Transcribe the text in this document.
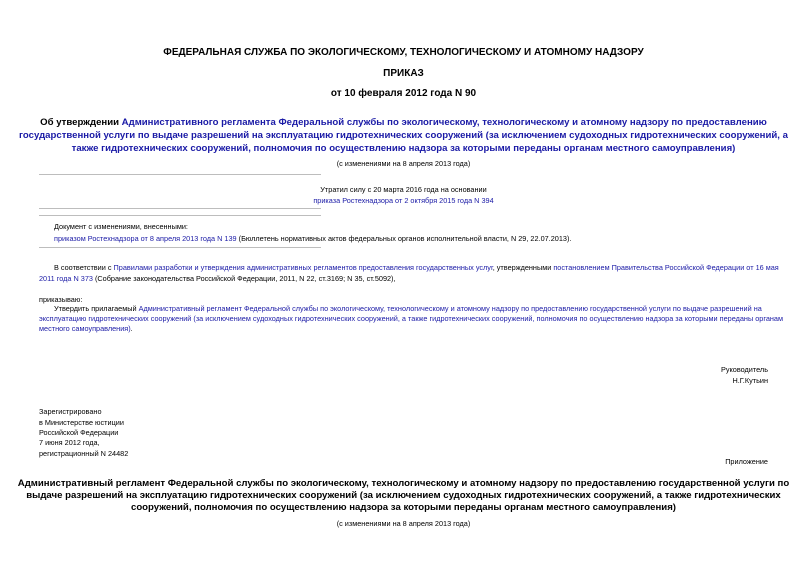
ФЕДЕРАЛЬНАЯ СЛУЖБА ПО ЭКОЛОГИЧЕСКОМУ, ТЕХНОЛОГИЧЕСКОМУ И АТОМНОМУ НАДЗОРУ
ПРИКАЗ
от 10 февраля 2012 года N 90
Об утверждении Административного регламента Федеральной службы по экологическому, технологическому и атомному надзору по предоставлению
государственной услуги по выдаче разрешений на эксплуатацию гидротехнических сооружений (за исключением судоходных гидротехнических сооружений, а
также гидротехнических сооружений, полномочия по осуществлению надзора за которыми переданы органам местного самоуправления)
(с изменениями на 8 апреля 2013 года)
Утратил силу с 20 марта 2016 года на основании
приказа Ростехнадзора от 2 октября 2015 года N 394
Документ с изменениями, внесенными:
приказом Ростехнадзора от 8 апреля 2013 года N 139 (Бюллетень нормативных актов федеральных органов исполнительной власти, N 29, 22.07.2013).
В соответствии с Правилами разработки и утверждения административных регламентов предоставления государственных услуг, утвержденными постановлением Правительства Российской Федерации от 16 мая
2011 года N 373 (Собрание законодательства Российской Федерации, 2011, N 22, ст.3169; N 35, ст.5092),
приказываю:
Утвердить прилагаемый Административный регламент Федеральной службы по экологическому, технологическому и атомному надзору по предоставлению государственной услуги по выдаче разрешений на
эксплуатацию гидротехнических сооружений (за исключением судоходных гидротехнических сооружений, а также гидротехнических сооружений, полномочия по осуществлению надзора за которыми переданы органам
местного самоуправления).
Руководитель
Н.Г.Кутьин
Зарегистрировано
в Министерстве юстиции
Российской Федерации
7 июня 2012 года,
регистрационный N 24482
Приложение
Административный регламент Федеральной службы по экологическому, технологическому и атомному надзору по предоставлению государственной услуги по
выдаче разрешений на эксплуатацию гидротехнических сооружений (за исключением судоходных гидротехнических сооружений, а также гидротехнических
сооружений, полномочия по осуществлению надзора за которыми переданы органам местного самоуправления)
(с изменениями на 8 апреля 2013 года)
